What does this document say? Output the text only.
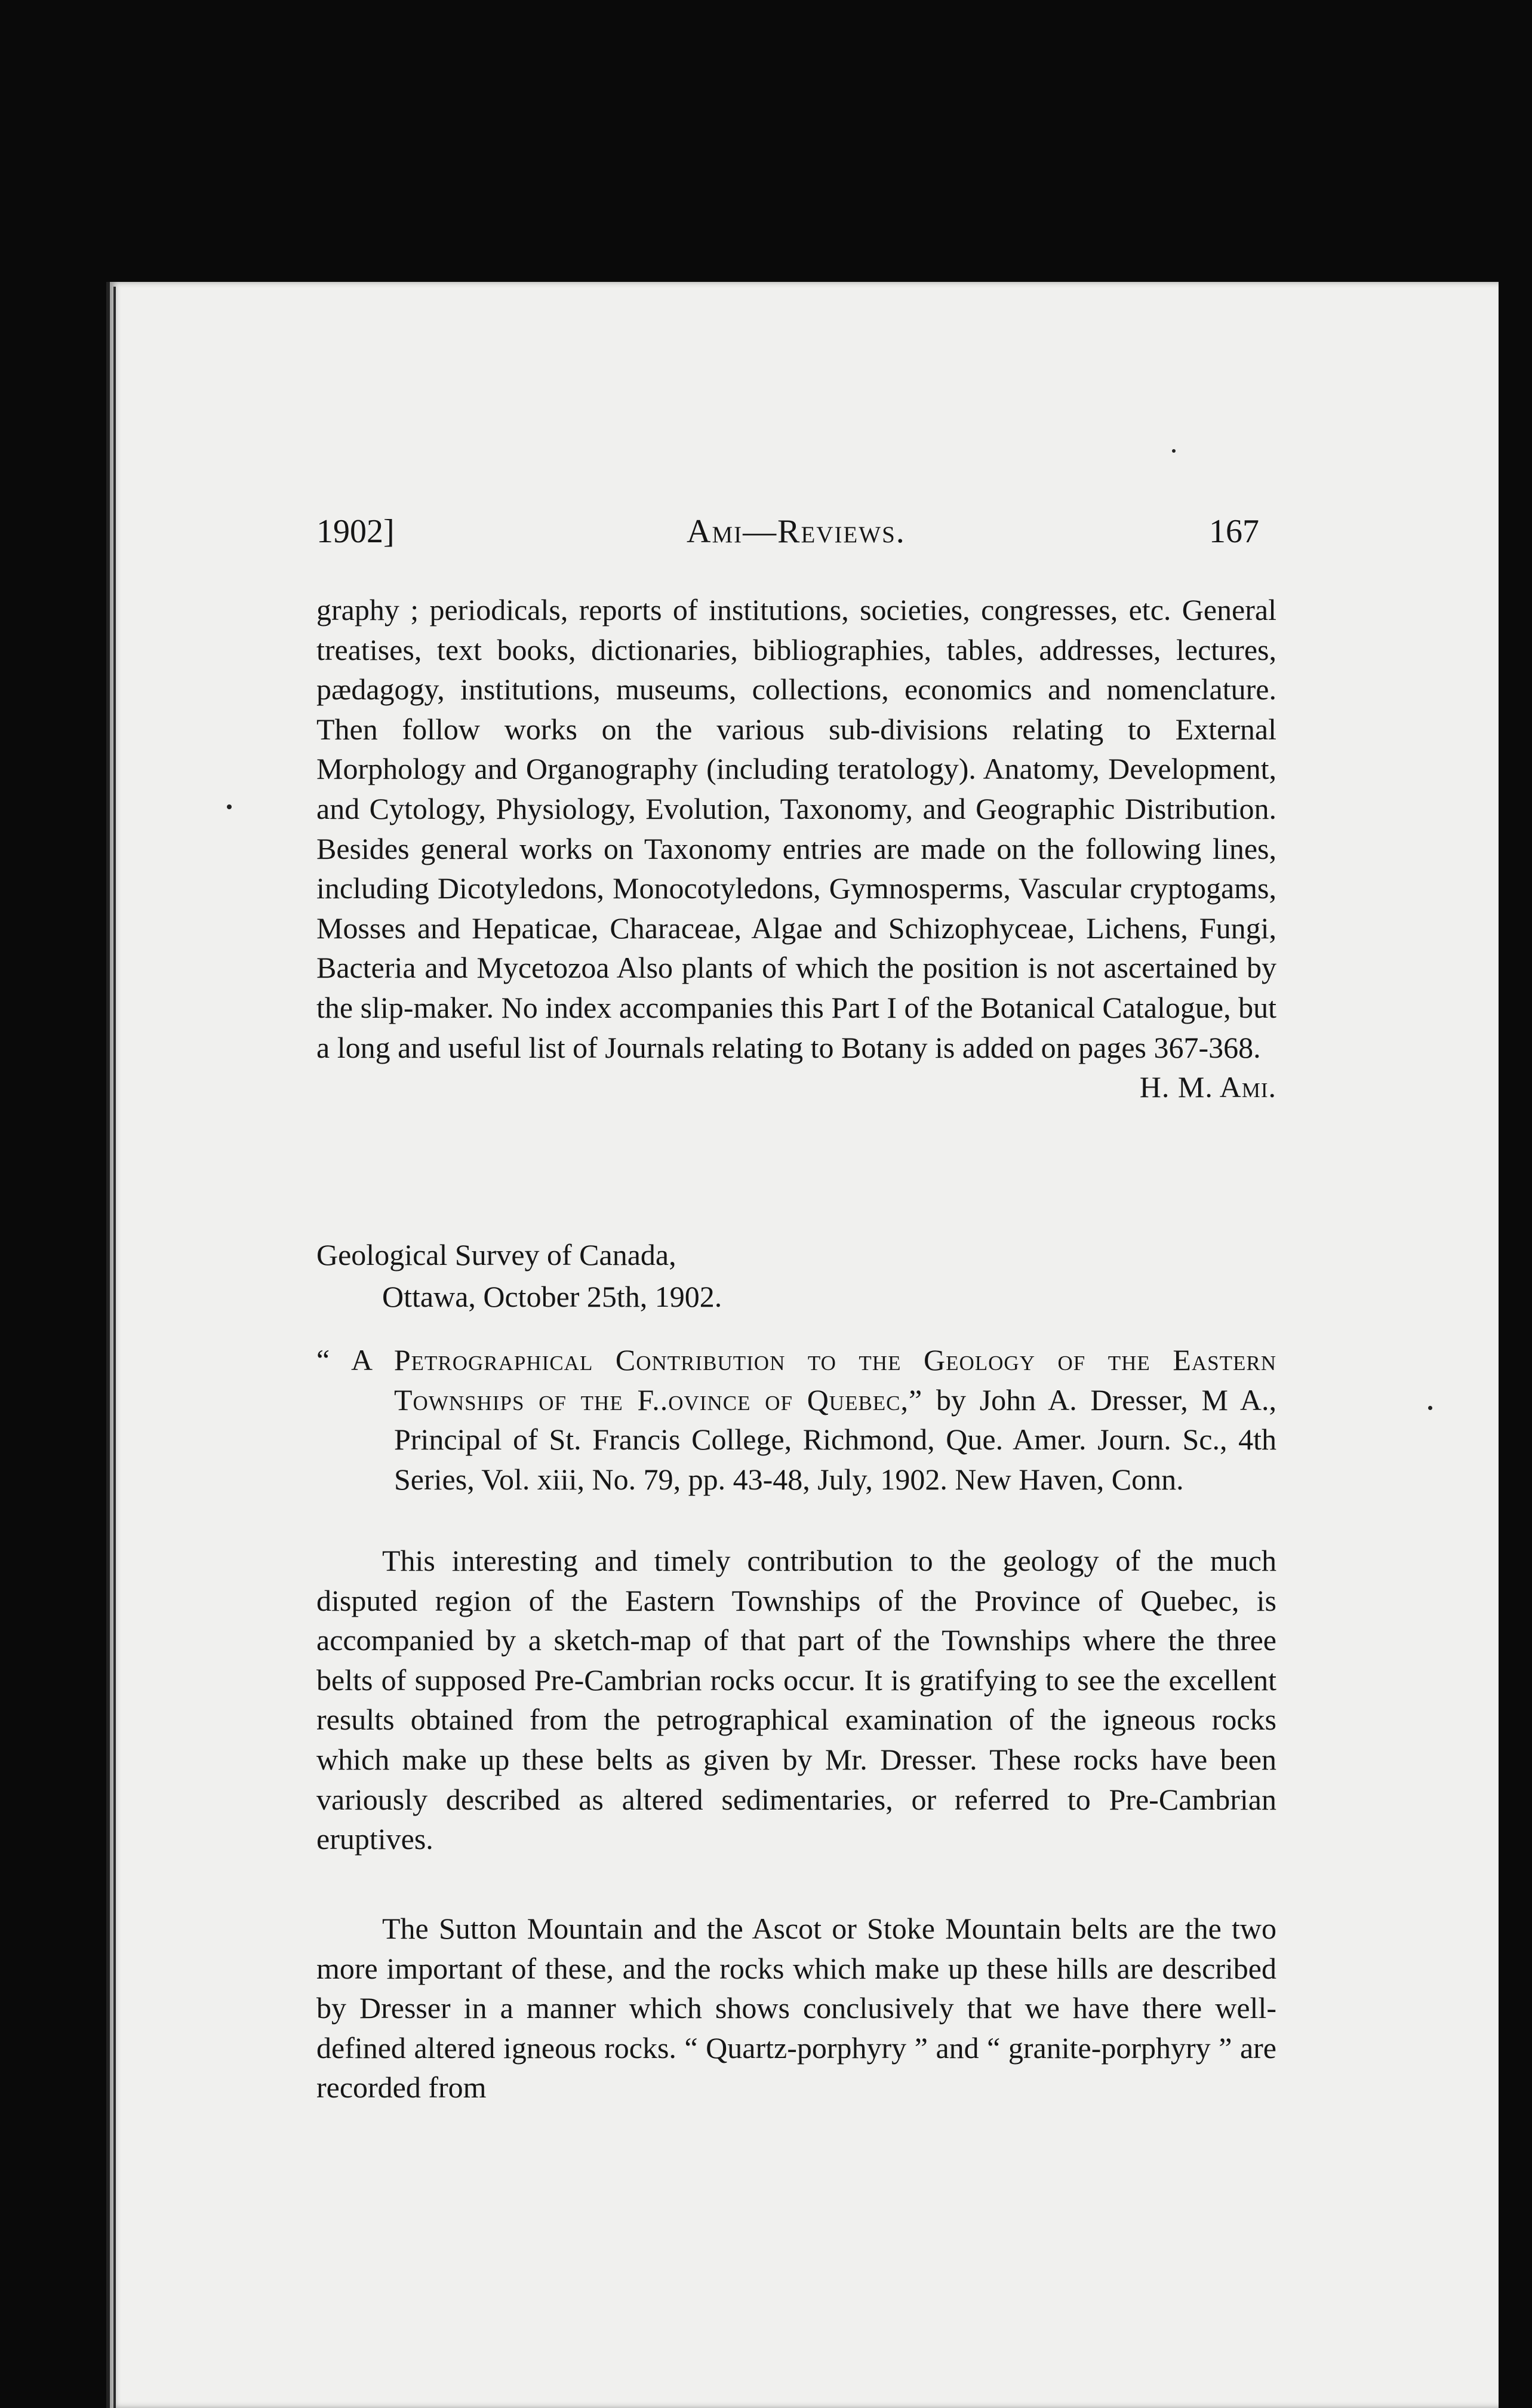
1902]	Ami—Reviews.	167

graphy ; periodicals, reports of institutions, societies, congresses, etc. General treatises, text books, dictionaries, bibliographies, tables, addresses, lectures, pædagogy, institutions, museums, collections, economics and nomenclature. Then follow works on the various sub-divisions relating to External Morphology and Organography (including teratology). Anatomy, Development, and Cytology, Physiology, Evolution, Taxonomy, and Geographic Distribution. Besides general works on Taxonomy entries are made on the following lines, including Dicotyledons, Monocotyledons, Gymnosperms, Vascular cryptogams, Mosses and Hepaticae, Characeae, Algae and Schizophyceae, Lichens, Fungi, Bacteria and Mycetozoa Also plants of which the position is not ascertained by the slip-maker. No index accompanies this Part I of the Botanical Catalogue, but a long and useful list of Journals relating to Botany is added on pages 367-368.

H. M. Ami.
Geological Survey of Canada,
Ottawa, October 25th, 1902.
“ A Petrographical Contribution to the Geology of the Eastern Townships of the F..ovince of Quebec,” by John A. Dresser, M A., Principal of St. Francis College, Richmond, Que. Amer. Journ. Sc., 4th Series, Vol. xiii, No. 79, pp. 43-48, July, 1902. New Haven, Conn.

This interesting and timely contribution to the geology of the much disputed region of the Eastern Townships of the Province of Quebec, is accompanied by a sketch-map of that part of the Townships where the three belts of supposed Pre-Cambrian rocks occur. It is gratifying to see the excellent results obtained from the petrographical examination of the igneous rocks which make up these belts as given by Mr. Dresser. These rocks have been variously described as altered sedimentaries, or referred to Pre-Cambrian eruptives.

The Sutton Mountain and the Ascot or Stoke Mountain belts are the two more important of these, and the rocks which make up these hills are described by Dresser in a manner which shows conclusively that we have there well-defined altered igneous rocks. “ Quartz-porphyry ” and “ granite-porphyry ” are recorded from
